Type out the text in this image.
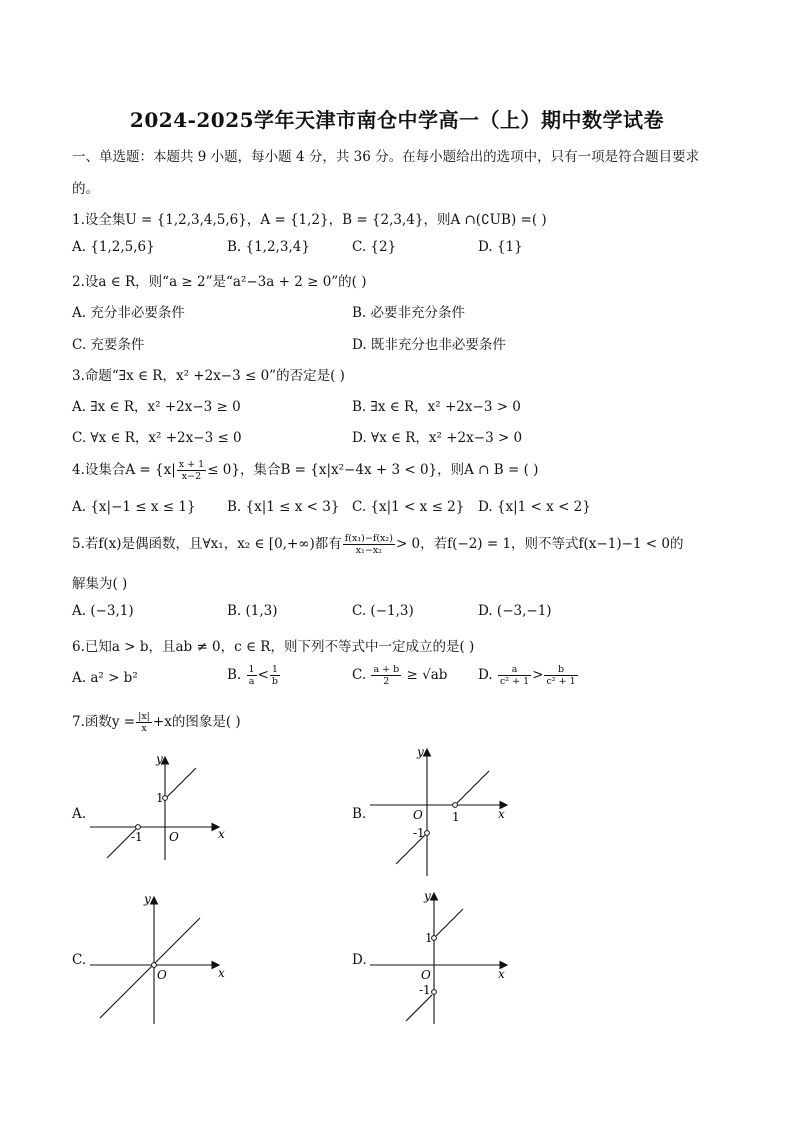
2024-2025学年天津市南仓中学高一（上）期中数学试卷
一、单选题：本题共 9 小题，每小题 4 分，共 36 分。在每小题给出的选项中，只有一项是符合题目要求
的。
1.设全集U = {1,2,3,4,5,6}，A = {1,2}，B = {2,3,4}，则A ∩(∁UB) =( )
A. {1,2,5,6}	B. {1,2,3,4}	C. {2}	D. {1}
2.设a ∈ R，则“a ≥ 2”是“a²−3a + 2 ≥ 0”的( )
A. 充分非必要条件	B. 必要非充分条件
C. 充要条件	D. 既非充分也非必要条件
3.命题“∃x ∈ R，x² +2x−3 ≤ 0”的否定是( )
A. ∃x ∈ R，x² +2x−3 ≥ 0	B. ∃x ∈ R，x² +2x−3 > 0
C. ∀x ∈ R，x² +2x−3 ≤ 0	D. ∀x ∈ R，x² +2x−3 > 0
4.设集合$A = \{x| \frac{x + 1}{x-2} \le 0\}$，集合B = {x|x²−4x + 3 < 0}，则A ∩ B = ( )
A. {x|−1 ≤ x ≤ 1} B. {x|1 ≤ x < 3} C. {x|1 < x ≤ 2} D. {x|1 < x < 2}
5.若f(x)是偶函数，且∀x₁，x₂ ∈ [0,+∞)都有 $\frac{\text{f(x₁)−f(x₂)}}{\text{x₁−x₂}} > 0$，若f(−2) = 1，则不等式f(x−1)−1 < 0的
解集为( )
A. (−3,1)	B. (1,3)	C. (−1,3)	D. (−3,−1)
6.已知a > b，且ab ≠ 0，c ∈ R，则下列不等式中一定成立的是( )
A. a² > b²	B. $\frac{1}{a} < \frac{1}{b}$	C. $\frac{a + b}{2} \ge √ab$ D. $\frac{a}{\text{c² + 1}} > \frac{b}{\text{c² + 1}}$
7.函数$y = \frac{|x|}{x} +x$的图象是( )
A.	B.
C.	D.
y
x
O
1
-1
y
x
O 1
-1
y
x
O
y
x
O
1
-1
